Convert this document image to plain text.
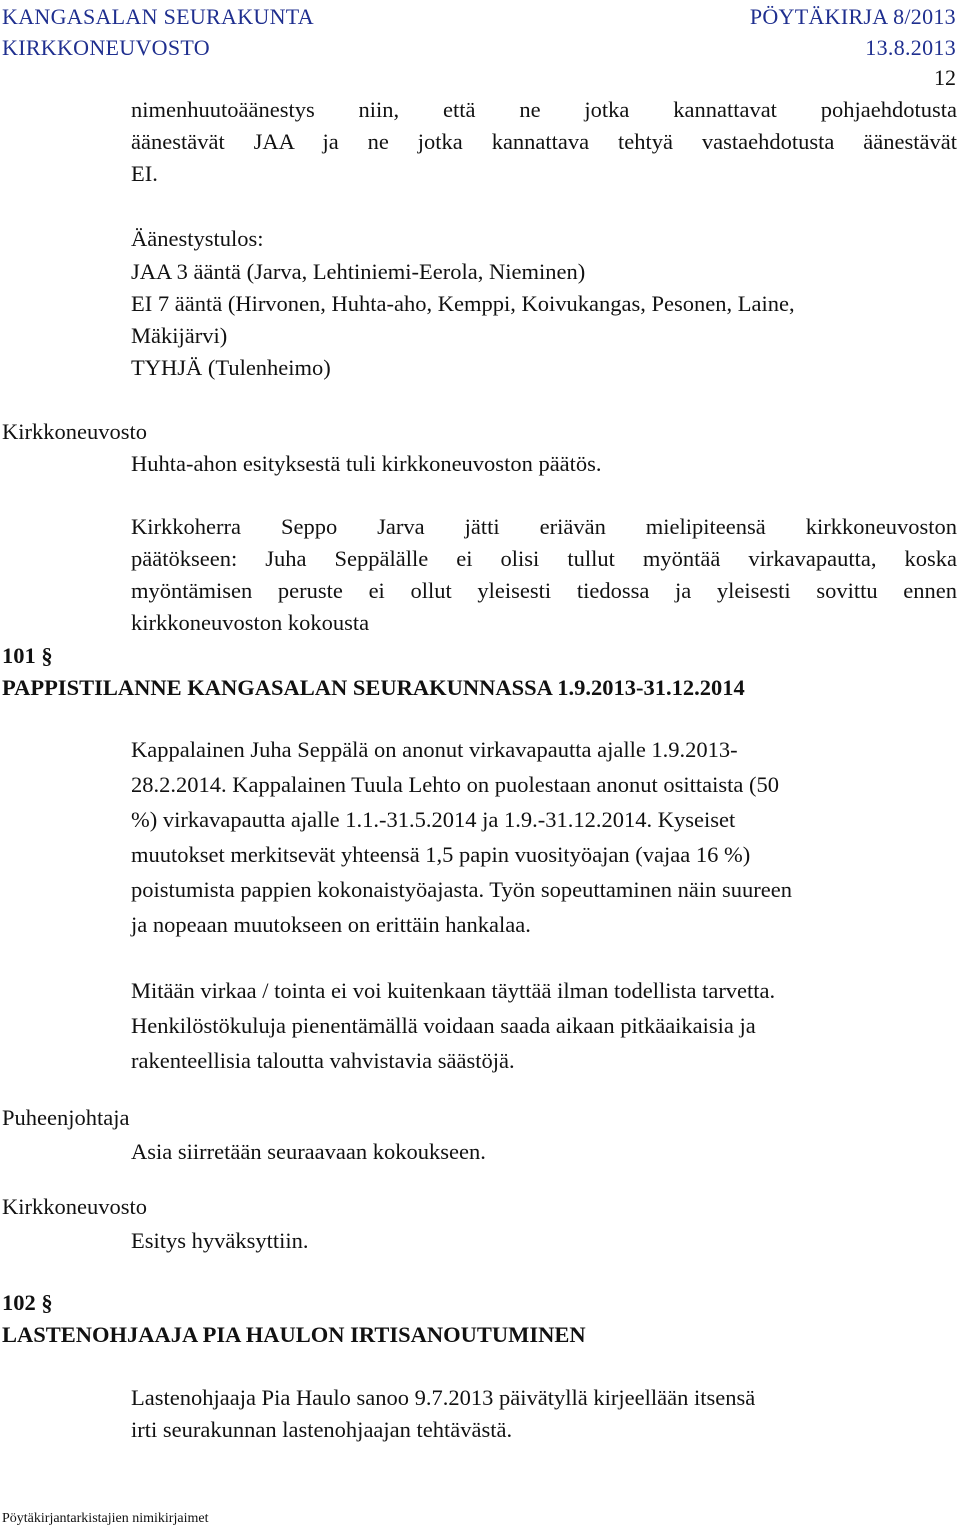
KANGASALAN SEURAKUNTA	PÖYTÄKIRJA 8/2013
KIRKKONEUVOSTO	13.8.2013
12
nimenhuutoäänestys niin, että ne jotka kannattavat pohjaehdotusta
äänestävät JAA ja ne jotka kannattava tehtyä vastaehdotusta äänestävät
EI.
Äänestystulos:
JAA 3 ääntä (Jarva, Lehtiniemi-Eerola, Nieminen)
EI 7 ääntä (Hirvonen, Huhta-aho, Kemppi, Koivukangas, Pesonen, Laine,
Mäkijärvi)
TYHJÄ (Tulenheimo)
Kirkkoneuvosto
Huhta-ahon esityksestä tuli kirkkoneuvoston päätös.
Kirkkoherra Seppo Jarva jätti eriävän mielipiteensä kirkkoneuvoston
päätökseen: Juha Seppälälle ei olisi tullut myöntää virkavapautta, koska
myöntämisen peruste ei ollut yleisesti tiedossa ja yleisesti sovittu ennen
kirkkoneuvoston kokousta
101 §
PAPPISTILANNE KANGASALAN SEURAKUNNASSA 1.9.2013-31.12.2014
Kappalainen Juha Seppälä on anonut virkavapautta ajalle 1.9.2013-
28.2.2014. Kappalainen Tuula Lehto on puolestaan anonut osittaista (50
%) virkavapautta ajalle 1.1.-31.5.2014 ja 1.9.-31.12.2014. Kyseiset
muutokset merkitsevät yhteensä 1,5 papin vuosityöajan (vajaa 16 %)
poistumista pappien kokonaistyöajasta. Työn sopeuttaminen näin suureen
ja nopeaan muutokseen on erittäin hankalaa.
Mitään virkaa / tointa ei voi kuitenkaan täyttää ilman todellista tarvetta.
Henkilöstökuluja pienentämällä voidaan saada aikaan pitkäaikaisia ja
rakenteellisia taloutta vahvistavia säästöjä.
Puheenjohtaja
Asia siirretään seuraavaan kokoukseen.
Kirkkoneuvosto
Esitys hyväksyttiin.
102 §
LASTENOHJAAJA PIA HAULON IRTISANOUTUMINEN
Lastenohjaaja Pia Haulo sanoo 9.7.2013 päivätyllä kirjeellään itsensä
irti seurakunnan lastenohjaajan tehtävästä.
Pöytäkirjantarkistajien nimikirjaimet
